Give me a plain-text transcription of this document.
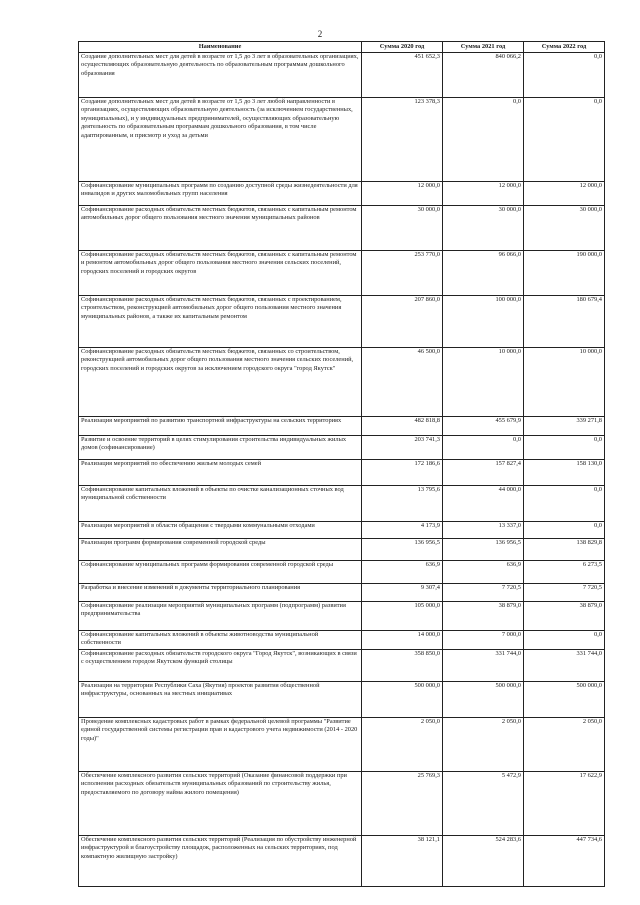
2
Наименование	Сумма 2020 год	Сумма 2021 год	Сумма 2022 год
Создание дополнительных мест для детей в возрасте от 1,5 до 3 лет в образовательных организациях, осуществляющих образовательную деятельность по образовательным программам дошкольного образования	451 652,3	840 066,2	0,0
Создание дополнительных мест для детей в возрасте от 1,5 до 3 лет любой направленности в организациях, осуществляющих образовательную деятельность (за исключением государственных, муниципальных), и у индивидуальных предпринимателей, осуществляющих образовательную деятельность по образовательным программам дошкольного образования, в том числе адаптированным, и присмотр и уход за детьми	123 378,3	0,0	0,0
Софинансирование муниципальных программ по созданию доступной среды жизнедеятельности для инвалидов и других маломобильных групп населения	12 000,0	12 000,0	12 000,0
Софинансирование расходных обязательств местных бюджетов, связанных с капитальным ремонтом автомобильных дорог общего пользования местного значения муниципальных районов	30 000,0	30 000,0	30 000,0
Софинансирование расходных обязательств местных бюджетов, связанных с капитальным ремонтом и ремонтом автомобильных дорог общего пользования местного значения сельских поселений, городских поселений и городских округов	253 770,0	96 066,0	190 000,0
Софинансирование расходных обязательств местных бюджетов, связанных с проектированием, строительством, реконструкцией автомобильных дорог общего пользования местного значения муниципальных районов, а также их капитальным ремонтом	207 860,0	100 000,0	180 679,4
Софинансирование расходных обязательств местных бюджетов, связанных со строительством, реконструкцией автомобильных дорог общего пользования местного значения сельских поселений, городских поселений и городских округов за исключением городского округа "город Якутск"	46 500,0	10 000,0	10 000,0
Реализация мероприятий по развитию транспортной инфраструктуры на сельских территориях	482 818,8	455 679,9	339 271,8
Развитие и освоение территорий в целях стимулирования строительства индивидуальных жилых домов (софинансирование)	203 741,3	0,0	0,0
Реализация мероприятий по обеспечению жильем молодых семей	172 186,6	157 827,4	158 130,0
Софинансирование капитальных вложений в объекты по очистке канализационных сточных вод муниципальной собственности	13 795,6	44 000,0	0,0
Реализация мероприятий в области обращения с твердыми коммунальными отходами	4 173,9	13 337,0	0,0
Реализация программ формирования современной городской среды	136 956,5	136 956,5	138 829,8
Софинансирование муниципальных программ формирования современной городской среды	636,9	636,9	6 273,5
Разработка и внесение изменений в документы территориального планирования	9 307,4	7 720,5	7 720,5
Софинансирование реализации мероприятий муниципальных программ (подпрограмм) развития предпринимательства	105 000,0	38 879,0	38 879,0
Софинансирование капитальных вложений в объекты животноводства муниципальной собственности	14 000,0	7 000,0	0,0
Софинансирование расходных обязательств городского округа "Город Якутск", возникающих в связи с осуществлением городом Якутском функций столицы	358 850,0	331 744,0	331 744,0
Реализация на территории Республики Саха (Якутия) проектов развития общественной инфраструктуры, основанных на местных инициативах	500 000,0	500 000,0	500 000,0
Проведение комплексных кадастровых работ в рамках федеральной целевой программы "Развитие единой государственной системы регистрации прав и кадастрового учета недвижимости (2014 - 2020 годы)"	2 050,0	2 050,0	2 050,0
Обеспечение комплексного развития сельских территорий (Оказание финансовой поддержки при исполнении расходных обязательств муниципальных образований по строительству жилья, предоставляемого по договору найма жилого помещения)	25 769,3	5 472,9	17 622,9
Обеспечение комплексного развития сельских территорий (Реализация по обустройству инженерной инфраструктурой и благоустройству площадок, расположенных на сельских территориях, под компактную жилищную застройку)	38 121,1	524 283,6	447 734,6
